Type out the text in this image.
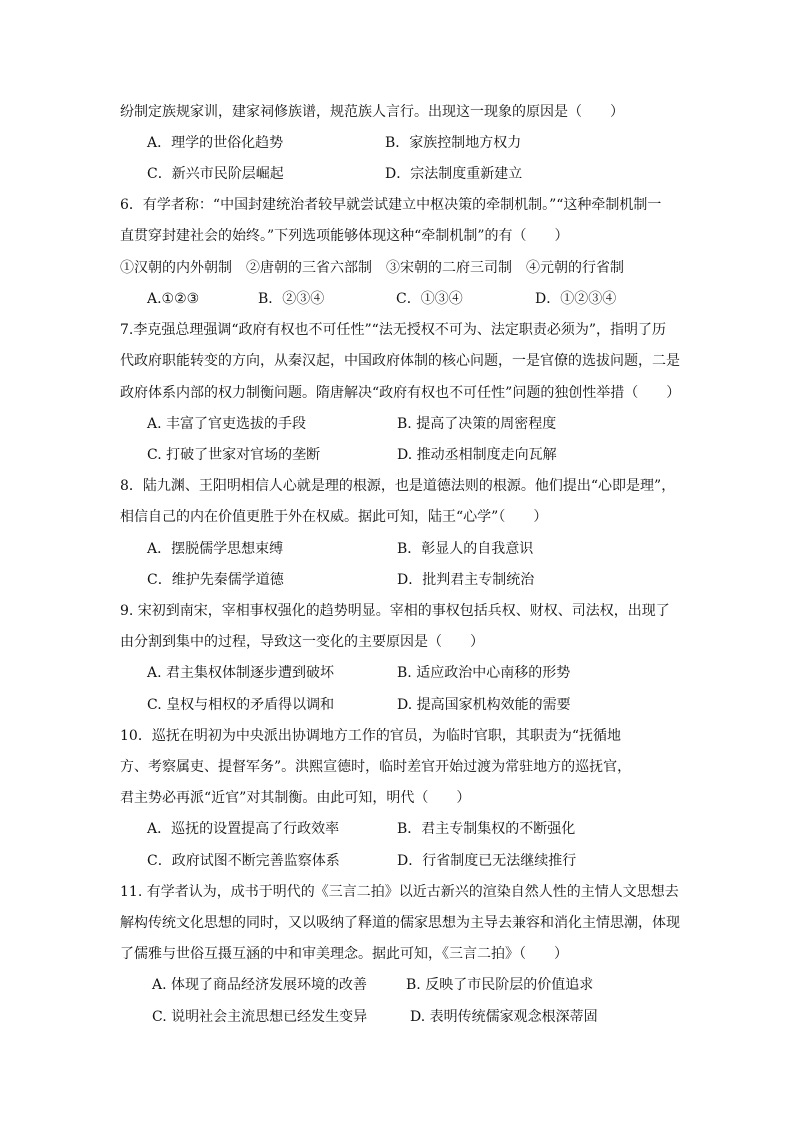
纷制定族规家训，建家祠修族谱，规范族人言行。出现这一现象的原因是（　　）
A．理学的世俗化趋势	B．家族控制地方权力
C．新兴市民阶层崛起	D．宗法制度重新建立
6．有学者称：“中国封建统治者较早就尝试建立中枢决策的牵制机制。”“这种牵制机制一
直贯穿封建社会的始终。”下列选项能够体现这种“牵制机制”的有（　　）
①汉朝的内外朝制　②唐朝的三省六部制　③宋朝的二府三司制　④元朝的行省制
A.①②③	B．②③④	C．①③④	D．①②③④
7.李克强总理强调“政府有权也不可任性”“法无授权不可为、法定职责必须为”，指明了历
代政府职能转变的方向，从秦汉起，中国政府体制的核心问题，一是官僚的选拔问题，二是
政府体系内部的权力制衡问题。隋唐解决“政府有权也不可任性”问题的独创性举措（　　）
A. 丰富了官吏选拔的手段	B. 提高了决策的周密程度
C. 打破了世家对官场的垄断	D. 推动丞相制度走向瓦解
8．陆九渊、王阳明相信人心就是理的根源，也是道德法则的根源。他们提出“心即是理”，
相信自己的内在价值更胜于外在权威。据此可知，陆王“心学”（　　）
A．摆脱儒学思想束缚	B．彰显人的自我意识
C．维护先秦儒学道德	D．批判君主专制统治
9. 宋初到南宋，宰相事权强化的趋势明显。宰相的事权包括兵权、财权、司法权，出现了
由分割到集中的过程，导致这一变化的主要原因是（　　）
A. 君主集权体制逐步遭到破坏	B. 适应政治中心南移的形势
C. 皇权与相权的矛盾得以调和	D. 提高国家机构效能的需要
10．巡抚在明初为中央派出协调地方工作的官员，为临时官职，其职责为“抚循地
方、考察属吏、提督军务”。洪熙宣德时，临时差官开始过渡为常驻地方的巡抚官，
君主势必再派“近官”对其制衡。由此可知，明代（　　）
A．巡抚的设置提高了行政效率	B．君主专制集权的不断强化
C．政府试图不断完善监察体系	D．行省制度已无法继续推行
11. 有学者认为，成书于明代的《三言二拍》以近古新兴的渲染自然人性的主情人文思想去
解构传统文化思想的同时，又以吸纳了释道的儒家思想为主导去兼容和消化主情思潮，体现
了儒雅与世俗互摄互涵的中和审美理念。据此可知，《三言二拍》（　　）
A. 体现了商品经济发展环境的改善	B. 反映了市民阶层的价值追求
C. 说明社会主流思想已经发生变异	D. 表明传统儒家观念根深蒂固
